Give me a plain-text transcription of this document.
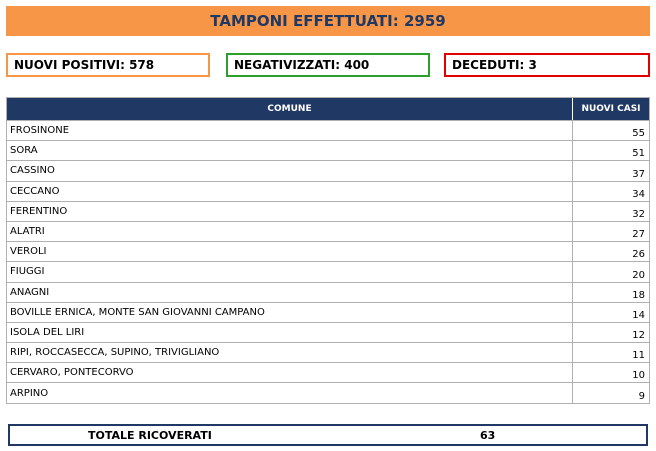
TAMPONI EFFETTUATI: 2959
NUOVI POSITIVI: 578	NEGATIVIZZATI: 400	DECEDUTI: 3
COMUNE	NUOVI CASI
FROSINONE	55
SORA	51
CASSINO	37
CECCANO	34
FERENTINO	32
ALATRI	27
VEROLI	26
FIUGGI	20
ANAGNI	18
BOVILLE ERNICA, MONTE SAN GIOVANNI CAMPANO	14
ISOLA DEL LIRI	12
RIPI, ROCCASECCA, SUPINO, TRIVIGLIANO	11
CERVARO, PONTECORVO	10
ARPINO	9
TOTALE RICOVERATI	63
